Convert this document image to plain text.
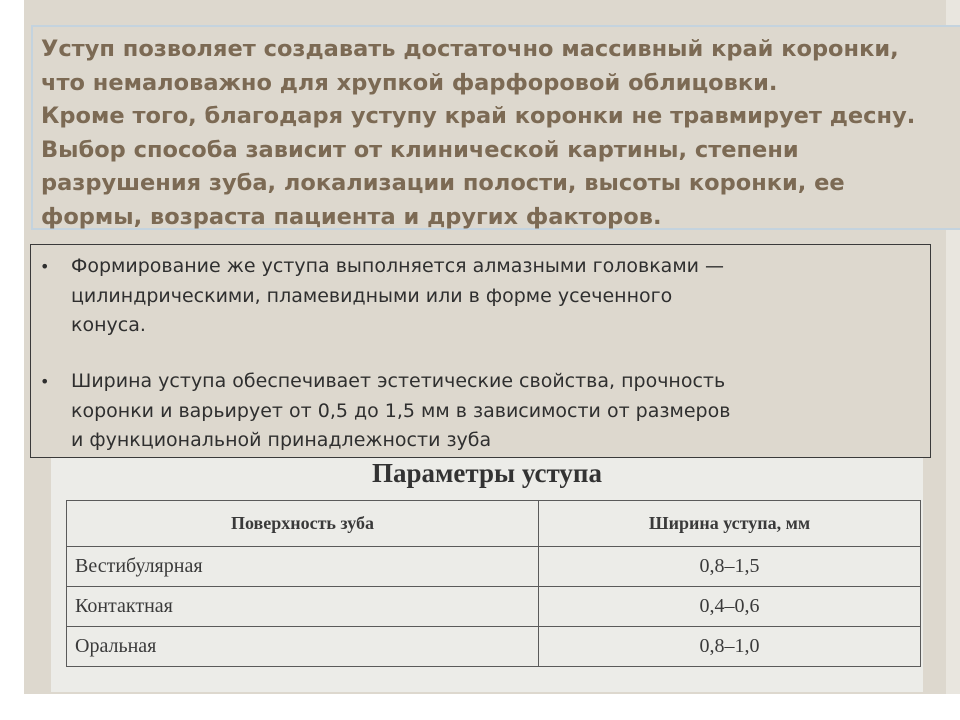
Уступ позволяет создавать достаточно массивный край коронки,
что немаловажно для хрупкой фарфоровой облицовки.
Кроме того, благодаря уступу край коронки не травмирует десну.
Выбор способа зависит от клинической картины, степени
разрушения зуба, локализации полости, высоты коронки, ее
формы, возраста пациента и других факторов.

•	Формирование же уступа выполняется алмазными головками —
цилиндрическими, пламевидными или в форме усеченного
конуса.
•	Ширина уступа обеспечивает эстетические свойства, прочность
коронки и варьирует от 0,5 до 1,5 мм в зависимости от размеров
и функциональной принадлежности зуба
Параметры уступа
Поверхность зуба	Ширина уступа, мм
Вестибулярная	0,8–1,5
Контактная	0,4–0,6
Оральная	0,8–1,0
